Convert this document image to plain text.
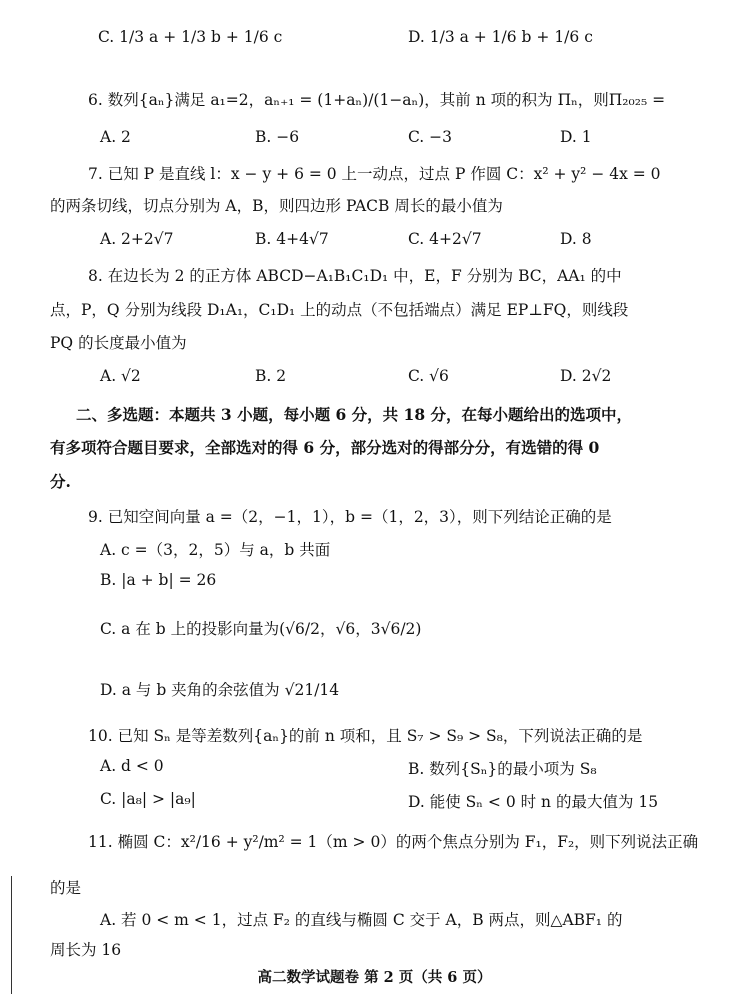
C. 1/3 a + 1/3 b + 1/6 c	D. 1/3 a + 1/6 b + 1/6 c
6. 数列{aₙ}满足 a₁=2，aₙ₊₁ = (1+aₙ)/(1−aₙ)，其前 n 项的积为 Πₙ，则Π₂₀₂₅ =
A. 2	B. −6	C. −3	D. 1
7. 已知 P 是直线 l：x − y + 6 = 0 上一动点，过点 P 作圆 C：x² + y² − 4x = 0
的两条切线，切点分别为 A，B，则四边形 PACB 周长的最小值为
A. 2+2√7	B. 4+4√7	C. 4+2√7	D. 8
8. 在边长为 2 的正方体 ABCD−A₁B₁C₁D₁ 中，E，F 分别为 BC，AA₁ 的中
点，P，Q 分别为线段 D₁A₁，C₁D₁ 上的动点（不包括端点）满足 EP⊥FQ，则线段
PQ 的长度最小值为
A. √2	B. 2	C. √6	D. 2√2
二、多选题：本题共 3 小题，每小题 6 分，共 18 分，在每小题给出的选项中，
有多项符合题目要求，全部选对的得 6 分，部分选对的得部分分，有选错的得 0
分.
9. 已知空间向量 a =（2，−1，1），b =（1，2，3），则下列结论正确的是
A. c =（3，2，5）与 a，b 共面
B. |a + b| = 26
C. a 在 b 上的投影向量为(√6/2，√6，3√6/2)
D. a 与 b 夹角的余弦值为 √21/14
10. 已知 Sₙ 是等差数列{aₙ}的前 n 项和，且 S₇ > S₉ > S₈，下列说法正确的是
A. d < 0	B. 数列{Sₙ}的最小项为 S₈
C. |a₈| > |a₉|	D. 能使 Sₙ < 0 时 n 的最大值为 15
11. 椭圆 C：x²/16 + y²/m² = 1（m > 0）的两个焦点分别为 F₁，F₂，则下列说法正确
的是
A. 若 0 < m < 1，过点 F₂ 的直线与椭圆 C 交于 A，B 两点，则△ABF₁ 的
周长为 16
高二数学试题卷 第 2 页（共 6 页）
